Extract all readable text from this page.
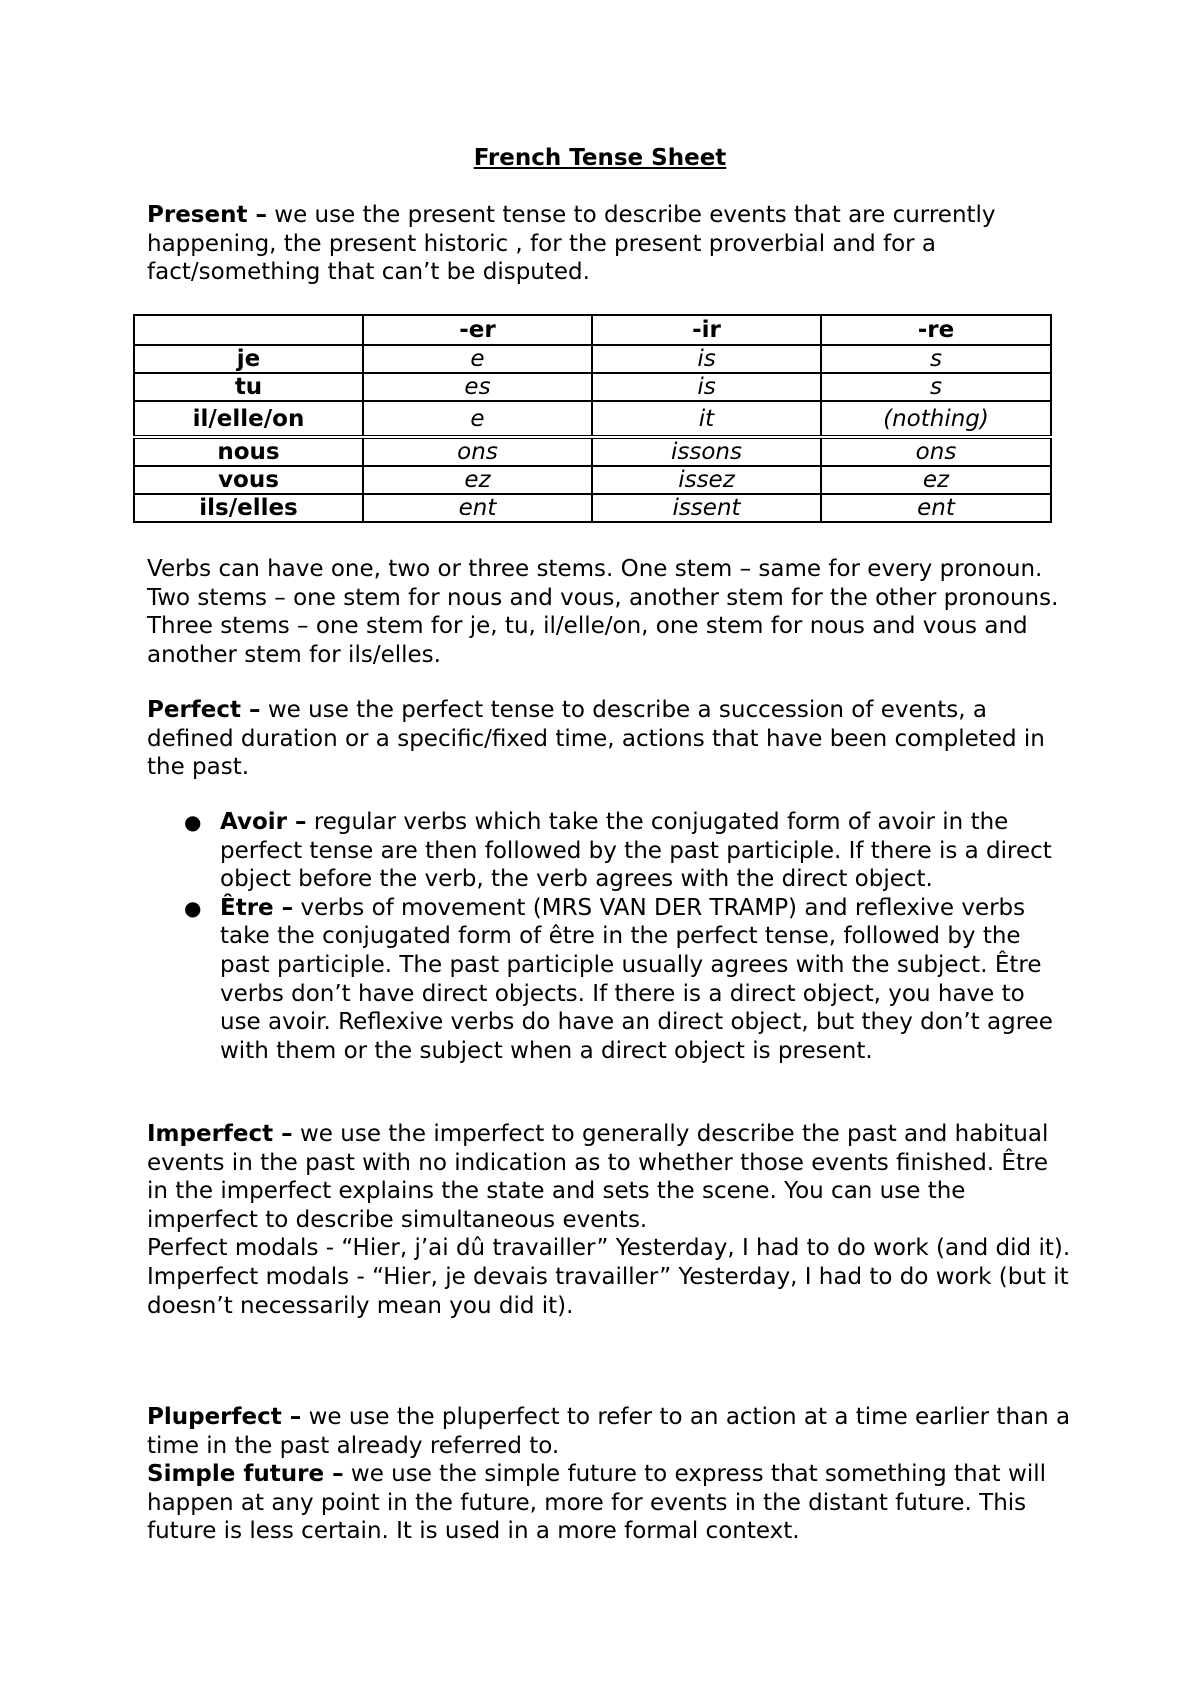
French Tense Sheet

Present – we use the present tense to describe events that are currently happening, the present historic , for the present proverbial and for a fact/something that can’t be disputed.

	-er	-ir	-re
je	e	is	s
tu	es	is	s
il/elle/on	e	it	(nothing)
nous	ons	issons	ons
vous	ez	issez	ez
ils/elles	ent	issent	ent

Verbs can have one, two or three stems. One stem – same for every pronoun. Two stems – one stem for nous and vous, another stem for the other pronouns. Three stems – one stem for je, tu, il/elle/on, one stem for nous and vous and another stem for ils/elles.

Perfect – we use the perfect tense to describe a succession of events, a defined duration or a specific/fixed time, actions that have been completed in the past.

● Avoir – regular verbs which take the conjugated form of avoir in the perfect tense are then followed by the past participle. If there is a direct object before the verb, the verb agrees with the direct object.
● Être – verbs of movement (MRS VAN DER TRAMP) and reflexive verbs take the conjugated form of être in the perfect tense, followed by the past participle. The past participle usually agrees with the subject. Être verbs don’t have direct objects. If there is a direct object, you have to use avoir. Reflexive verbs do have an direct object, but they don’t agree with them or the subject when a direct object is present.
Imperfect – we use the imperfect to generally describe the past and habitual events in the past with no indication as to whether those events finished. Être in the imperfect explains the state and sets the scene. You can use the imperfect to describe simultaneous events.
Perfect modals - “Hier, j’ai dû travailler” Yesterday, I had to do work (and did it).
Imperfect modals - “Hier, je devais travailler” Yesterday, I had to do work (but it doesn’t necessarily mean you did it).

Pluperfect – we use the pluperfect to refer to an action at a time earlier than a time in the past already referred to.

Simple future – we use the simple future to express that something that will happen at any point in the future, more for events in the distant future. This future is less certain. It is used in a more formal context.
